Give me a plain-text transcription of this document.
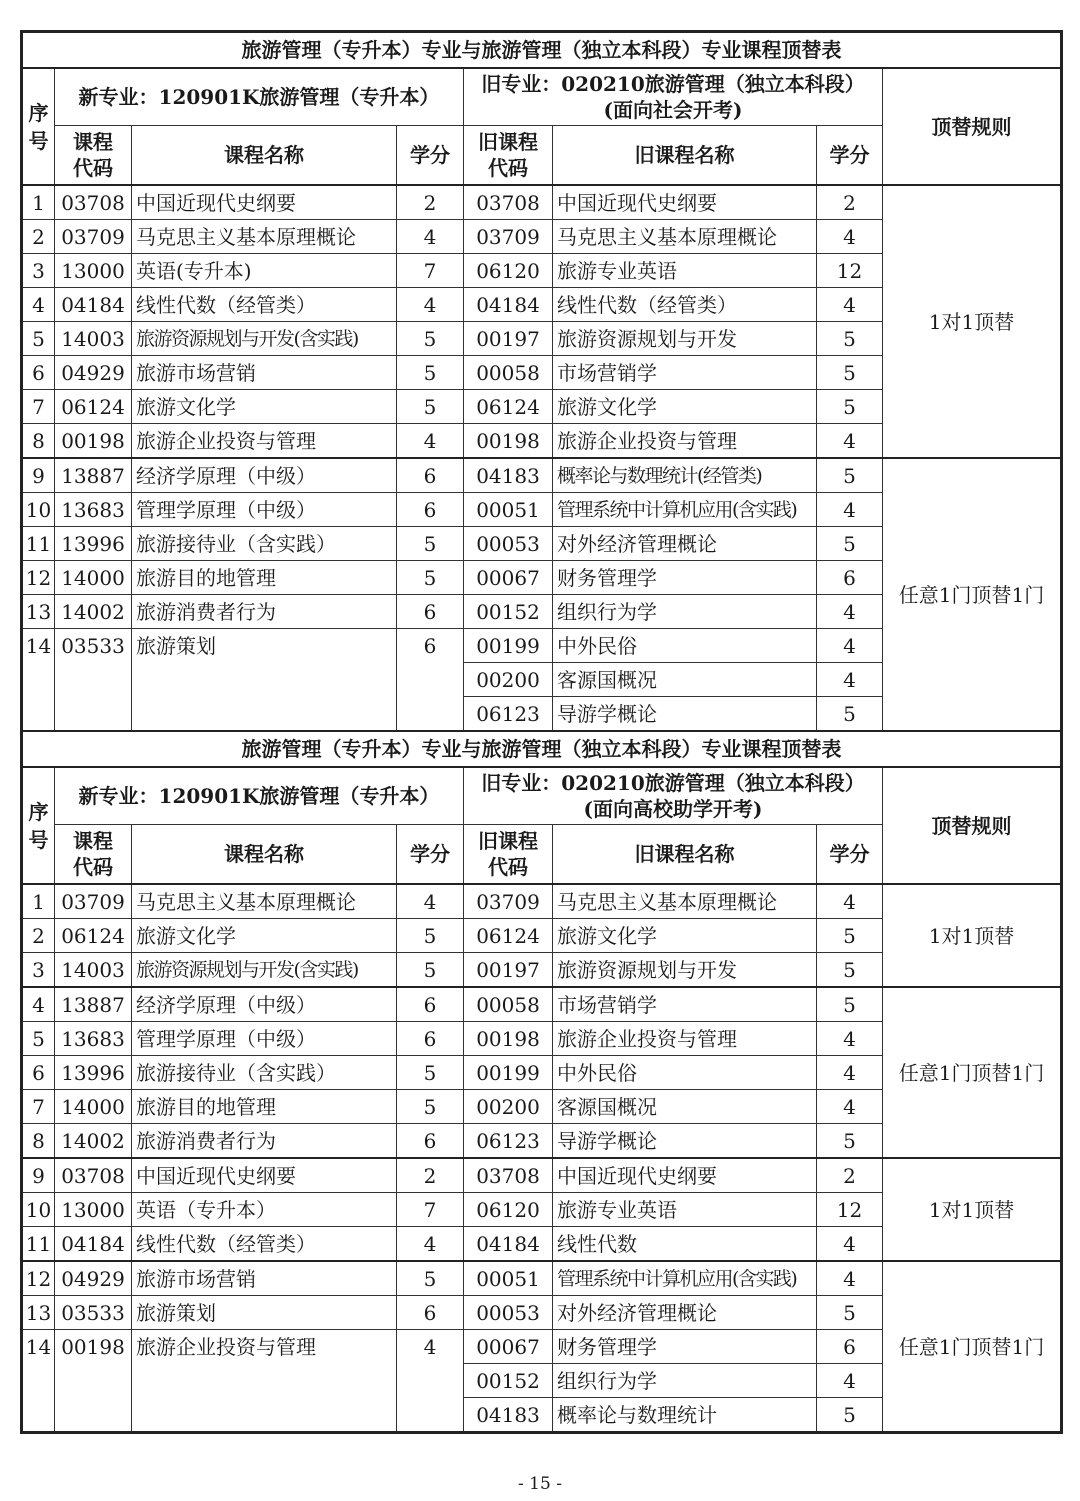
旅游管理（专升本）专业与旅游管理（独立本科段）专业课程顶替表							
序号	新专业：120901K旅游管理（专升本）			旧专业：020210旅游管理（独立本科段）
(面向社会开考)			顶替规则
	课程代码	课程名称	学分	旧课程代码	旧课程名称	学分	
1	03708	中国近现代史纲要	2	03708	中国近现代史纲要	2	1对1顶替
2	03709	马克思主义基本原理概论	4	03709	马克思主义基本原理概论	4	
3	13000	英语(专升本)	7	06120	旅游专业英语	12	
4	04184	线性代数（经管类）	4	04184	线性代数（经管类）	4	
5	14003	旅游资源规划与开发(含实践)	5	00197	旅游资源规划与开发	5	
6	04929	旅游市场营销	5	00058	市场营销学	5	
7	06124	旅游文化学	5	06124	旅游文化学	5	
8	00198	旅游企业投资与管理	4	00198	旅游企业投资与管理	4	
9	13887	经济学原理（中级）	6	04183	概率论与数理统计(经管类)	5	任意1门顶替1门
10	13683	管理学原理（中级）	6	00051	管理系统中计算机应用(含实践)	4	
11	13996	旅游接待业（含实践）	5	00053	对外经济管理概论	5	
12	14000	旅游目的地管理	5	00067	财务管理学	6	
13	14002	旅游消费者行为	6	00152	组织行为学	4	
14	03533	旅游策划	6	00199	中外民俗	4	
				00200	客源国概况	4	
				06123	导游学概论	5	
旅游管理（专升本）专业与旅游管理（独立本科段）专业课程顶替表							
序号	新专业：120901K旅游管理（专升本）			旧专业：020210旅游管理（独立本科段）
(面向高校助学开考)			顶替规则
	课程代码	课程名称	学分	旧课程代码	旧课程名称	学分	
1	03709	马克思主义基本原理概论	4	03709	马克思主义基本原理概论	4	1对1顶替
2	06124	旅游文化学	5	06124	旅游文化学	5	
3	14003	旅游资源规划与开发(含实践)	5	00197	旅游资源规划与开发	5	
4	13887	经济学原理（中级）	6	00058	市场营销学	5	任意1门顶替1门
5	13683	管理学原理（中级）	6	00198	旅游企业投资与管理	4	
6	13996	旅游接待业（含实践）	5	00199	中外民俗	4	
7	14000	旅游目的地管理	5	00200	客源国概况	4	
8	14002	旅游消费者行为	6	06123	导游学概论	5	
9	03708	中国近现代史纲要	2	03708	中国近现代史纲要	2	1对1顶替
10	13000	英语（专升本）	7	06120	旅游专业英语	12	
11	04184	线性代数（经管类）	4	04184	线性代数	4	
12	04929	旅游市场营销	5	00051	管理系统中计算机应用(含实践)	4	任意1门顶替1门
13	03533	旅游策划	6	00053	对外经济管理概论	5	
14	00198	旅游企业投资与管理	4	00067	财务管理学	6	
				00152	组织行为学	4	
				04183	概率论与数理统计	5	
- 15 -
